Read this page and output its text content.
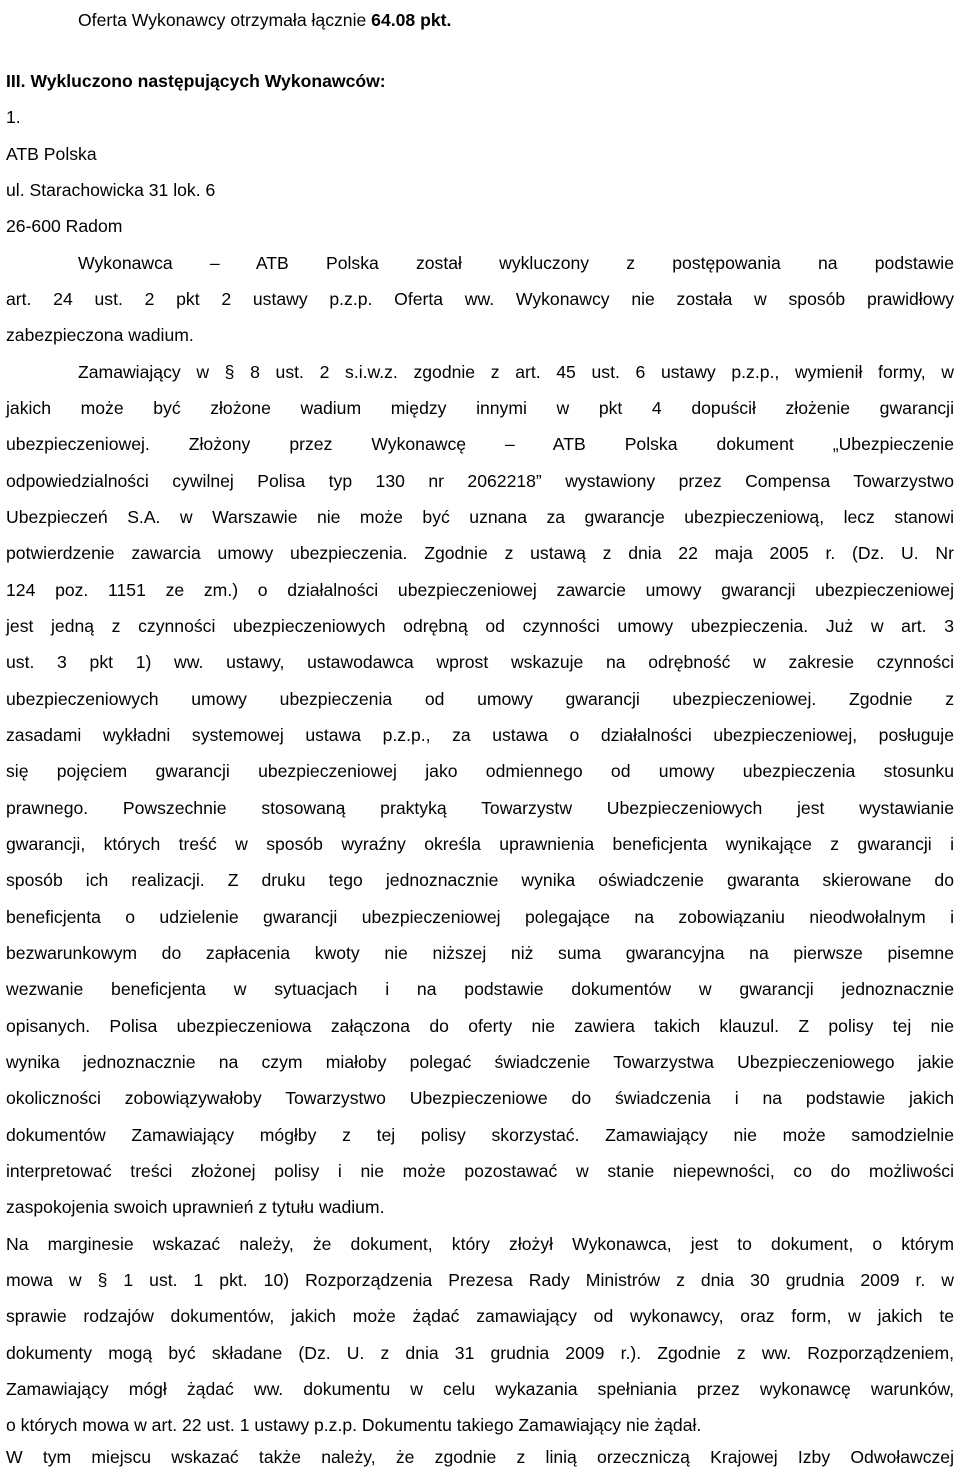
Oferta Wykonawcy otrzymała łącznie 64.08 pkt.
III. Wykluczono następujących Wykonawców:
1.
ATB Polska
ul. Starachowicka 31 lok. 6
26-600 Radom
Wykonawca – ATB Polska został wykluczony z postępowania na podstawie
art. 24 ust. 2 pkt 2 ustawy p.z.p. Oferta ww. Wykonawcy nie została w sposób prawidłowy
zabezpieczona wadium.
Zamawiający w § 8 ust. 2 s.i.w.z. zgodnie z art. 45 ust. 6 ustawy p.z.p., wymienił formy, w
jakich może być złożone wadium między innymi w pkt 4 dopuścił złożenie gwarancji
ubezpieczeniowej. Złożony przez Wykonawcę – ATB Polska dokument „Ubezpieczenie
odpowiedzialności cywilnej Polisa typ 130 nr 2062218” wystawiony przez Compensa Towarzystwo
Ubezpieczeń S.A. w Warszawie nie może być uznana za gwarancje ubezpieczeniową, lecz stanowi
potwierdzenie zawarcia umowy ubezpieczenia. Zgodnie z ustawą z dnia 22 maja 2005 r. (Dz. U. Nr
124 poz. 1151 ze zm.) o działalności ubezpieczeniowej zawarcie umowy gwarancji ubezpieczeniowej
jest jedną z czynności ubezpieczeniowych odrębną od czynności umowy ubezpieczenia. Już w art. 3
ust. 3 pkt 1) ww. ustawy, ustawodawca wprost wskazuje na odrębność w zakresie czynności
ubezpieczeniowych umowy ubezpieczenia od umowy gwarancji ubezpieczeniowej. Zgodnie z
zasadami wykładni systemowej ustawa p.z.p., za ustawa o działalności ubezpieczeniowej, posługuje
się pojęciem gwarancji ubezpieczeniowej jako odmiennego od umowy ubezpieczenia stosunku
prawnego. Powszechnie stosowaną praktyką Towarzystw Ubezpieczeniowych jest wystawianie
gwarancji, których treść w sposób wyraźny określa uprawnienia beneficjenta wynikające z gwarancji i
sposób ich realizacji. Z druku tego jednoznacznie wynika oświadczenie gwaranta skierowane do
beneficjenta o udzielenie gwarancji ubezpieczeniowej polegające na zobowiązaniu nieodwołalnym i
bezwarunkowym do zapłacenia kwoty nie niższej niż suma gwarancyjna na pierwsze pisemne
wezwanie beneficjenta w sytuacjach i na podstawie dokumentów w gwarancji jednoznacznie
opisanych. Polisa ubezpieczeniowa załączona do oferty nie zawiera takich klauzul. Z polisy tej nie
wynika jednoznacznie na czym miałoby polegać świadczenie Towarzystwa Ubezpieczeniowego jakie
okoliczności zobowiązywałoby Towarzystwo Ubezpieczeniowe do świadczenia i na podstawie jakich
dokumentów Zamawiający mógłby z tej polisy skorzystać. Zamawiający nie może samodzielnie
interpretować treści złożonej polisy i nie może pozostawać w stanie niepewności, co do możliwości
zaspokojenia swoich uprawnień z tytułu wadium.
Na marginesie wskazać należy, że dokument, który złożył Wykonawca, jest to dokument, o którym
mowa w § 1 ust. 1 pkt. 10) Rozporządzenia Prezesa Rady Ministrów z dnia 30 grudnia 2009 r. w
sprawie rodzajów dokumentów, jakich może żądać zamawiający od wykonawcy, oraz form, w jakich te
dokumenty mogą być składane (Dz. U. z dnia 31 grudnia 2009 r.). Zgodnie z ww. Rozporządzeniem,
Zamawiający mógł żądać ww. dokumentu w celu wykazania spełniania przez wykonawcę warunków,
o których mowa w art. 22 ust. 1 ustawy p.z.p. Dokumentu takiego Zamawiający nie żądał.
W tym miejscu wskazać także należy, że zgodnie z linią orzeczniczą Krajowej Izby Odwoławczej
